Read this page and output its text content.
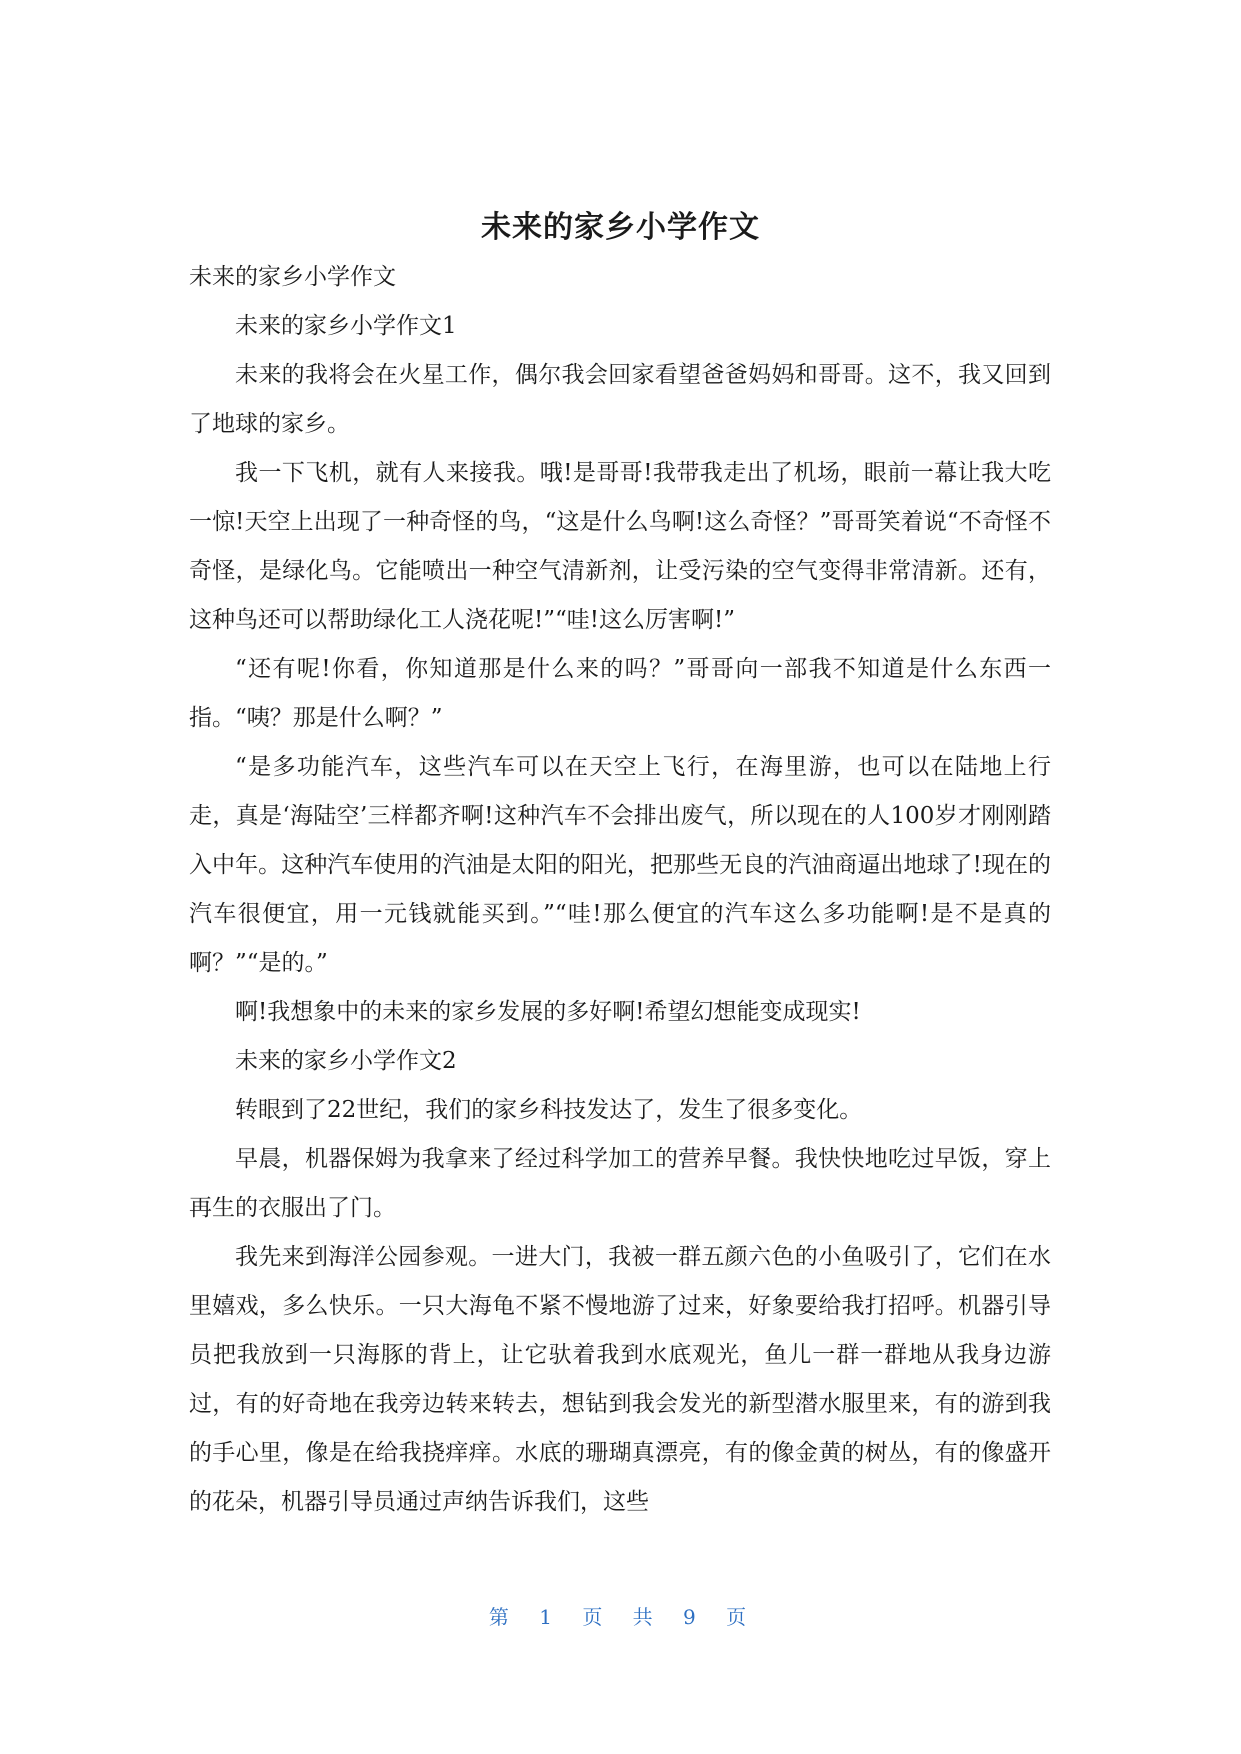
未来的家乡小学作文

未来的家乡小学作文

未来的家乡小学作文1

未来的我将会在火星工作，偶尔我会回家看望爸爸妈妈和哥哥。这不，我又回到了地球的家乡。

我一下飞机，就有人来接我。哦!是哥哥!我带我走出了机场，眼前一幕让我大吃一惊!天空上出现了一种奇怪的鸟，“这是什么鸟啊!这么奇怪？”哥哥笑着说“不奇怪不奇怪，是绿化鸟。它能喷出一种空气清新剂，让受污染的空气变得非常清新。还有，这种鸟还可以帮助绿化工人浇花呢!”“哇!这么厉害啊!”

“还有呢!你看，你知道那是什么来的吗？”哥哥向一部我不知道是什么东西一指。“咦？那是什么啊？”

“是多功能汽车，这些汽车可以在天空上飞行，在海里游，也可以在陆地上行走，真是‘海陆空’三样都齐啊!这种汽车不会排出废气，所以现在的人100岁才刚刚踏入中年。这种汽车使用的汽油是太阳的阳光，把那些无良的汽油商逼出地球了!现在的汽车很便宜，用一元钱就能买到。”“哇!那么便宜的汽车这么多功能啊!是不是真的啊？”“是的。”

啊!我想象中的未来的家乡发展的多好啊!希望幻想能变成现实!

未来的家乡小学作文2

转眼到了22世纪，我们的家乡科技发达了，发生了很多变化。

早晨，机器保姆为我拿来了经过科学加工的营养早餐。我快快地吃过早饭，穿上再生的衣服出了门。

我先来到海洋公园参观。一进大门，我被一群五颜六色的小鱼吸引了，它们在水里嬉戏，多么快乐。一只大海龟不紧不慢地游了过来，好象要给我打招呼。机器引导员把我放到一只海豚的背上，让它驮着我到水底观光，鱼儿一群一群地从我身边游过，有的好奇地在我旁边转来转去，想钻到我会发光的新型潜水服里来，有的游到我的手心里，像是在给我挠痒痒。水底的珊瑚真漂亮，有的像金黄的树丛，有的像盛开的花朵，机器引导员通过声纳告诉我们，这些

第 1 页 共 9 页
